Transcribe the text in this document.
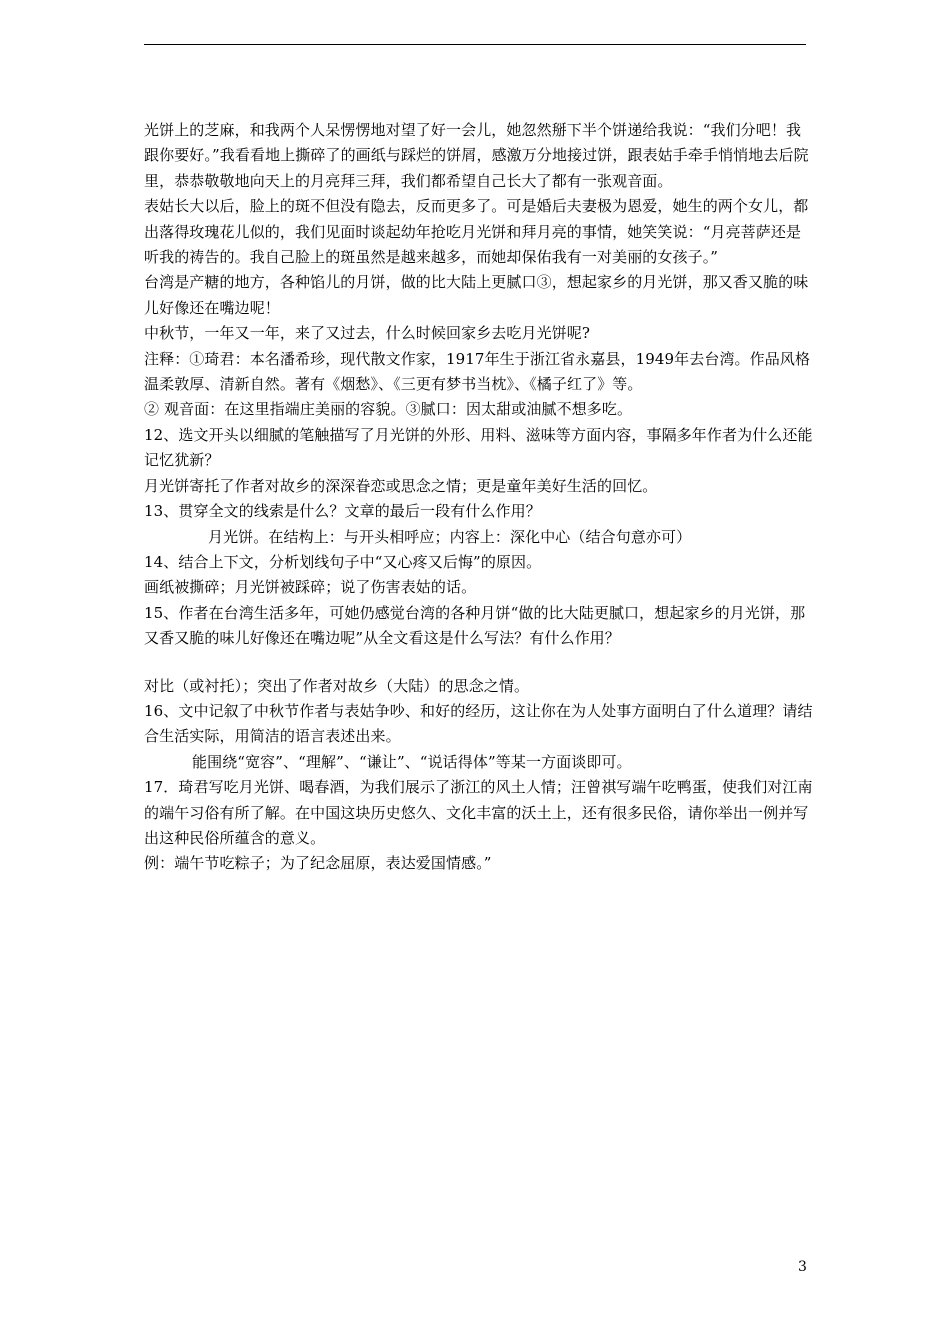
光饼上的芝麻，和我两个人呆愣愣地对望了好一会儿，她忽然掰下半个饼递给我说：“我们分吧！我跟你要好。”我看看地上撕碎了的画纸与踩烂的饼屑，感激万分地接过饼，跟表姑手牵手悄悄地去后院里，恭恭敬敬地向天上的月亮拜三拜，我们都希望自己长大了都有一张观音面。

表姑长大以后，脸上的斑不但没有隐去，反而更多了。可是婚后夫妻极为恩爱，她生的两个女儿，都出落得玫瑰花儿似的，我们见面时谈起幼年抢吃月光饼和拜月亮的事情，她笑笑说：“月亮菩萨还是听我的祷告的。我自己脸上的斑虽然是越来越多，而她却保佑我有一对美丽的女孩子。”

台湾是产糖的地方，各种馅儿的月饼，做的比大陆上更腻口③，想起家乡的月光饼，那又香又脆的味儿好像还在嘴边呢！

中秋节，一年又一年，来了又过去，什么时候回家乡去吃月光饼呢?

注释：①琦君：本名潘希珍，现代散文作家，1917年生于浙江省永嘉县，1949年去台湾。作品风格温柔敦厚、清新自然。著有《烟愁》、《三更有梦书当枕》、《橘子红了》等。

② 观音面：在这里指端庄美丽的容貌。③腻口：因太甜或油腻不想多吃。

12、选文开头以细腻的笔触描写了月光饼的外形、用料、滋味等方面内容，事隔多年作者为什么还能记忆犹新？

月光饼寄托了作者对故乡的深深眷恋或思念之情；更是童年美好生活的回忆。

13、贯穿全文的线索是什么？文章的最后一段有什么作用？

月光饼。在结构上：与开头相呼应；内容上：深化中心（结合句意亦可）

14、结合上下文，分析划线句子中“又心疼又后悔”的原因。

画纸被撕碎；月光饼被踩碎；说了伤害表姑的话。

15、作者在台湾生活多年，可她仍感觉台湾的各种月饼“做的比大陆更腻口，想起家乡的月光饼，那又香又脆的味儿好像还在嘴边呢”从全文看这是什么写法？有什么作用？

对比（或衬托）；突出了作者对故乡（大陆）的思念之情。

16、文中记叙了中秋节作者与表姑争吵、和好的经历，这让你在为人处事方面明白了什么道理？请结合生活实际，用简洁的语言表述出来。

能围绕“宽容”、“理解”、“谦让”、“说话得体”等某一方面谈即可。

17．琦君写吃月光饼、喝春酒，为我们展示了浙江的风土人情；汪曾祺写端午吃鸭蛋，使我们对江南的端午习俗有所了解。在中国这块历史悠久、文化丰富的沃土上，还有很多民俗，请你举出一例并写出这种民俗所蕴含的意义。

例：端午节吃粽子；为了纪念屈原，表达爱国情感。”

3
